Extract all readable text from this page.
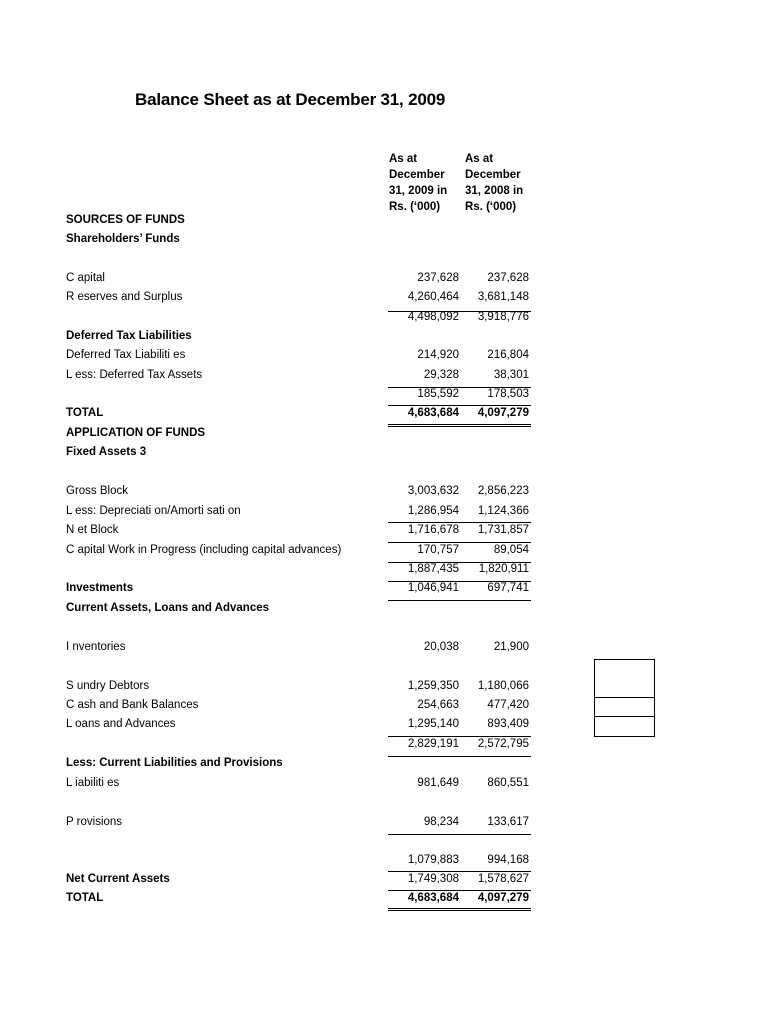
Balance Sheet as at December 31, 2009
As at
December
31, 2009 in
Rs. (‘000)
As at
December
31, 2008 in
Rs. (‘000)
SOURCES OF FUNDS
Shareholders’ Funds
C apital	237,628 237,628
R eserves and Surplus	4,260,464 3,681,148
4,498,092 3,918,776
Deferred Tax Liabilities
Deferred Tax Liabiliti es	214,920 216,804
L ess: Deferred Tax Assets	29,328	38,301
185,592 178,503
TOTAL	4,683,684 4,097,279
APPLICATION OF FUNDS
Fixed Assets 3
Gross Block	3,003,632 2,856,223
L ess: Depreciati on/Amorti sati on	1,286,954 1,124,366
N et Block	1,716,678 1,731,857
C apital Work in Progress (including capital advances)	170,757	89,054
1,887,435 1,820,911
Investments	1,046,941 697,741
Current Assets, Loans and Advances
I nventories	20,038	21,900
S undry Debtors	1,259,350 1,180,066
C ash and Bank Balances	254,663 477,420
L oans and Advances	1,295,140 893,409
2,829,191 2,572,795
Less: Current Liabilities and Provisions
L iabiliti es	981,649 860,551
P rovisions	98,234 133,617
1,079,883 994,168
Net Current Assets	1,749,308 1,578,627
TOTAL	4,683,684 4,097,279
